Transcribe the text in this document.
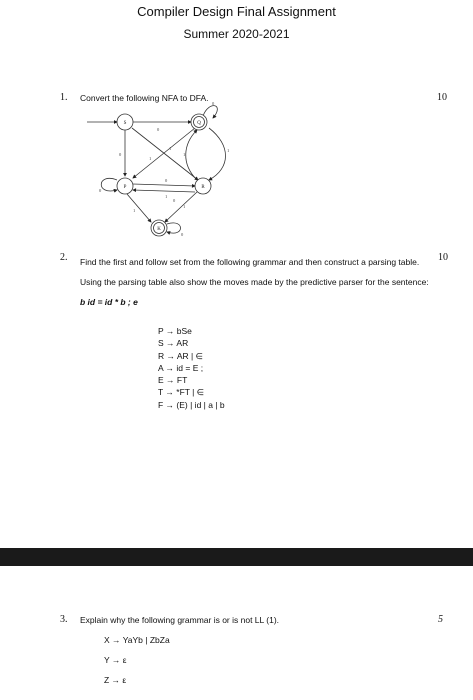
Compiler Design Final Assignment
Summer 2020-2021
1. Convert the following NFA to DFA.	10
S	Q
P	R
K
0
0
1
1
0
1
1
0
1
0
1
1
0
0
2. Find the first and follow set from the following grammar and then construct a parsing table. Using the parsing table also show the moves made by the predictive parser for the sentence: b id = id * b ; e
10
P → bSe
S → AR
R → AR | ∈
A → id = E ;
E → FT
T → *FT | ∈
F → (E) | id | a | b
3. Explain why the following grammar is or is not LL (1).	5
X → YaYb | ZbZa
Y → ε
Z → ε
